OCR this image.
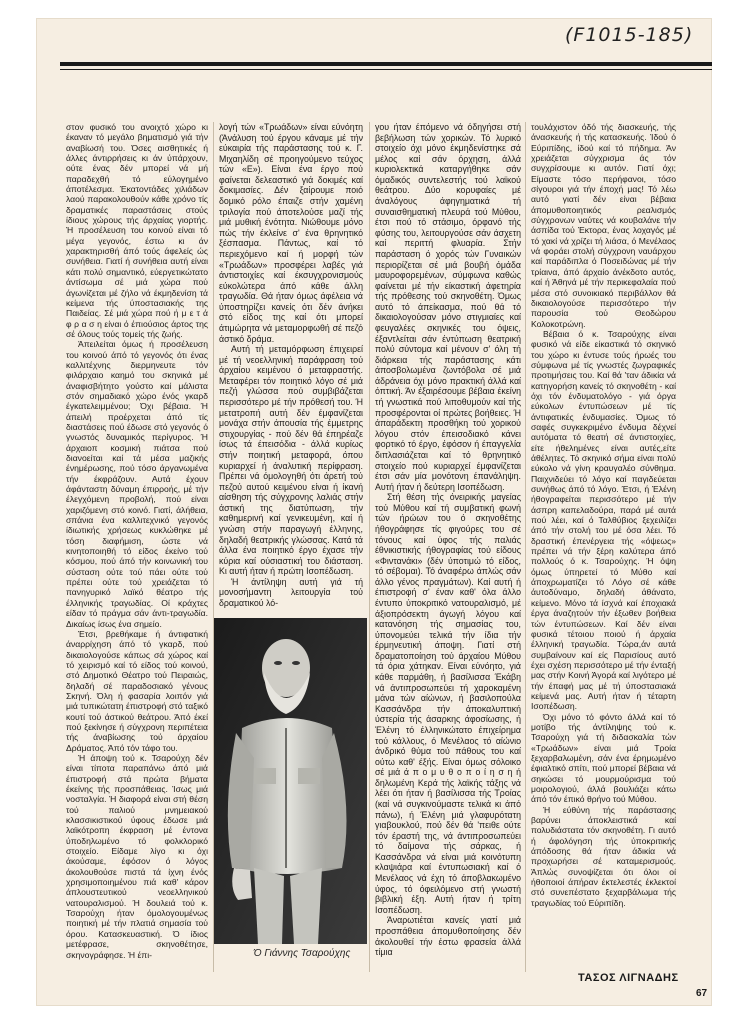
(F1015-185)

στον φυσικό του ανοιχτό χώρο κι έκαναν τό μεγάλο βηματισμό γιά τήν αναβίωσή του. Όσες αισθητικές ή άλλες άντιρρήσεις κι άν ύπάρχουν, ούτε ένας δέν μπορεί νά μή παραδεχθή τό εύλογημένο άποτέλεσμα. Έκατοντάδες χιλιάδων λαού παρακολουθούν κάθε χρόνο τίς δραματικές παραστάσεις στούς ίδιους χώρους τής άρχαίας γιορτής. Ή προσέλευση του κοινού είναι τό μέγα γεγονός, έστω κι άν χαρακτηρισθή άπό τούς άφελείς ώς συνήθεια. Γιατί ή συνήθεια αυτή είναι κάτι πολύ σημαντικό, εύεργετικώτατο άντίσωμα σέ μιά χώρα πού άγωνίζεται μέ ζήλο νά έκμηδενίση τά κείμενα τής ύποστασιακής της Παιδείας. Σέ μιά χώρα πού ή μ ε τ ά φ ρ α σ η είναι ό έπιούσιος άρτος της σέ όλους τούς τομείς τής ζωής.

Άπειλείται όμως ή προσέλευση του κοινού άπό τό γεγονός ότι ένας καλλιτέχνης διερμηνευτε τόν φιλάρχαιο καημό του σκηνικά μέ άναφισβήτητο γούστο καί μάλιστα στόν σημαδιακό χώρο ένός γκαρδ έγκατελειμμένου; Όχι βέβαια. Ή άπειλή προέρχεται άπό τίς διαστάσεις πού έδωσε στό γεγονός ό γνωστός δυναμικός περίγυρος. Ή άρχαιοπ κοσμική πιάτσα πού διανοείται καί τά μέσα μαζικής ένημέρωσης, πού τόσο άργανωμένα τήν έκφράζουν. Αυτά έχουν άφάνταστη δύναμη έπιρροής, μέ τήν έλεγχόμενη προβολή, πού είναι χαριζόμενη στό κοινό. Γιατί, άλήθεια, σπάνια ένα καλλιτεχνικό γεγονός ίδιωτικής χρήσεως κυκλώθηκε μέ τόση διαφήμιση, ώστε νά κινητοποιηθή τό είδος έκείνο τού κόσμου, πού άπό τήν κοινωνική του σύσταση ούτε τού πάει ούτε τού πρέπει ούτε τού χρειάζεται τό πανηγυρικό λαϊκό θέατρο τής έλληνικής τραγωδίας. Οί κράχτες είδαν τό πράγμα σάν άντι-τραγωδία. Δικαίως ίσως ένα σημείο.

Έτσι, βρεθήκαμε ή άντιφατική άναρρίχηση άπό τό γκαρδ, πού δικαιολογούσε κάπως σά χώρος καί τό χειρισμό καί τό είδος τού κοινού, στό Δημοτικό Θέατρο τού Πειραιώς, δηλαδή σέ παραδοσιακό γένους Σκηνή. Όλη ή φασαρία λοιπόν γιά μιά τυπικώτατη έπιστροφή στό ταξικό κουτί τού άστικού θεάτρου. Άπό έκεί πού ξεκίνησε ή σύγχρονη περιπέτεια τής άναβίωσης τού άρχαίου Δράματος. Άπό τόν τάφο του.

Ή άποψη τού κ. Τσαρούχη δέν είναι τίποτα παραπάνω άπό μιά έπιστροφή στά πρώτα βήματα έκείνης τής προσπάθειας. Ίσως μιά νοσταλγία. Ή διαφορά είναι στή θέση τού παλιού μνημειακού κλασσικιστικού ύφους έδωσε μιά λαϊκότροπη έκφραση μέ έντονα ύποδηλωμένο τό φολκλορικό στοιχείο. Είδαμε λίγο κι όχι άκούσαμε, έφόσον ό λόγος άκολουθούσε πιστά τά ίχνη ένός χρησιμοποιημένου πιά καθ' κάρον άπλουστευτικού νεοελληνικού νατουραλισμού. Ή δουλειά τού κ. Τσαρούχη ήταν όμολογουμένως ποιητική μέ τήν πλατιά σημασία τού όρου. Κατασκευαστική. Ό ίδιος μετέφρασε, σκηνοθέτησε, σκηνογράφησε. Ή έπι-

λογή τών «Τρωάδων» είναι εύνόητη (Άνάλυση τού έργου κάναμε μέ τήν εύκαιρία τής παράστασης τού κ. Γ. Μιχαηλίδη σέ προηγούμενο τεύχος τών «Ε»). Είναι ένα έργο πού φαίνεται δελεαστικό γιά δοκιμές καί δοκιμασίες. Δέν ξαίρουμε ποιό δομικό ρόλο έπαιζε στήν χαμένη τριλογία πού άποτελούσε μαζί τής μιά μυθική ένότητα. Νιώθουμε μόνο πώς τήν έκλείνε σ' ένα θρηνητικό ξέσπασμα. Πάντως, καί τό περιεχόμενο καί ή μορφή τών «Τρωάδων» προσφέρει λαβές γιά άντιστοιχίες καί έκσυγχρονισμούς εύκολώτερα άπό κάθε άλλη τραγωδία. Θά ήταν όμως άφέλεια νά ύποστηρίζει κανείς ότι δέν άνήκει στό είδος της καί ότι μπορεί άτιμώρητα νά μεταμορφωθή σέ πεζό άστικό δράμα.

Αυτή τή μεταμόρφωση έπιχειρεί μέ τή νεοελληνική παράφραση τού άρχαίου κειμένου ό μεταφραστής. Μεταφέρει τόν ποιητικό λόγο σέ μιά πεζή γλώσσα πού συμβιβάζεται περισσότερο μέ τήν πρόθεσή του. Ή μετατροπή αυτή δέν έμφανίζεται μονάχα στήν άπουσία τής έμμετρης στιχουργίας - πού δέν θά έπηρέαζε ίσως τά έπεισόδια - άλλά κυρίως στήν ποιητική μεταφορά, όπου κυριαρχεί ή άναλυτική περίφραση. Πρέπει νά όμολογηθή ότι άρετή τού πεζού αυτού κειμένου είναι ή ίκανή αίσθηση τής σύγχρονης λαλιάς στήν άστική της διατύπωση, τήν καθημερινή καί γενικευμένη, καί ή γνώση στήν παραγωγή έλληνης, δηλαδή θεατρικής γλώσσας. Κατά τά άλλα ένα ποιητικό έργο έχασε τήν κύρια καί ούσιαστική του διάσταση. Κι αυτή ήταν ή πρώτη Ισοπέδωση.

Ή άντίληψη αυτή γιά τή μονοσήμαντη λειτουργία τού δραματικού λό-

Ό Γιάννης Τσαρούχης

γου ήταν έπόμενο νά όδηγήσει στή βεβήλωση τών χορικών. Τό λυρικό στοιχείο όχι μόνο έκμηδενίστηκε σά μέλος καί σάν όρχηση, άλλά κυριολεκτικά καταργήθηκε σάν όμαδικός συντελεστής τού λαϊκού θεάτρου. Δύο κορυφαίες μέ άναλόγους άφηγηματικά τή συναισθηματική πλευρά τού Μύθου, έτσι πού τό στάσιμο, όρφανό τής φύσης του, λειτουργούσε σάν άσχετη καί περιττή φλυαρία. Στήν παράσταση ό χορός τών Γυναικών περιορίζεται σέ μιά βουβή όμάδα μαυροφορεμένων, σύμφωνα καθώς φαίνεται μέ τήν είκαστική άφετηρία τής πρόθεσης τού σκηνοθέτη. Όμως αυτό τό άπείκασμα, πού θά τό δικαιολογούσαν μόνο στιγμιαίες καί φευγαλέες σκηνικές του όψεις, έξαντλείται σάν έντύπωση θεατρική πολύ σύντομα καί μένουν σ' όλη τή διάρκεια τής παράστασης κάτι άποσβολωμένα ζωντόβολα σέ μιά άδράνεια όχι μόνο πρακτική άλλά καί όπτική. Άν έξαιρέσουμε βέβαια έκείνη τή γνωστικά πού λιποθυμούν καί τής προσφέρονται οί πρώτες βοήθειες. Ή άπαράδεκτη προσθήκη τού χορικού λόγου στόν έπεισοδιακό κάνει φορτικό τό έργο, έφόσον ή έπαγγελία διπλασιάζεται καί τό θρηνητικό στοιχείο πού κυριαρχεί έμφανίζεται έτσι σάν μία μονότονη έπανάληψη. Αυτή ήταν ή δεύτερη Ισοπέδωση.

Στή θέση τής όνειρικής μαγείας τού Μύθου καί τή συμβατική φωνή τών ήρώων του ό σκηνοθέτης ήθογράφησε τίς φιγούρες του σέ τόνους καί ύφος τής παλιάς έθνικιστικής ήθογραφίας τού είδους «Φιντανάκι» (δέν ύποτιμώ τό είδος, τό σέβομαι). Τό άναφέρω άπλώς σάν άλλο γένος πραγμάτων). Καί αυτή ή έπιστροφή σ' έναν καθ' όλα άλλο έντυπο ύποκριτικό νατουραλισμό, μέ άξιοπρόσεκτη άγωγή λόγου καί κατανόηση τής σημασίας του, ύπονομεύει τελικά τήν ίδια τήν έρμηνευτική άποψη. Γιατί στή δραματοποίηση τού άρχαίου Μύθου τά όρια χάτηκαν. Είναι εύνόητο, γιά κάθε παρμάθη, ή βασίλισσα Έκάβη νά άντιπροσωπεύει τή χαροκαμένη μάνα τών αίώνων, ή βασιλοπούλα Κασσάνδρα τήν άποκαλυπτική ύστερία τής άσαρκης άφοσίωσης, ή Έλένη τό έλληνικώτατο έπιχείρημα τού κάλλους, ό Μενέλαος τό αίώνιο άνδρικό θύμα τού πάθους του καί ούτω καθ' έξής. Είναι όμως σόλοικο σέ μιά ά π ο μ υ θ ο π ο ί η σ η ή δηλωμένη Κερά τής λαϊκής τάξης νά λέει ότι ήταν ή βασίλισσα τής Τροίας (καί νά συγκινούμαστε τελικά κι άπό πάνω), ή Έλένη μιά γλαφυρότατη γιαβουκλού, πού δέν θά 'πειθε ούτε τόν έραστή της, νά άντιπροσωπεύει τό δαίμονα τής σάρκας, ή Κασσάνδρα νά είναι μιά κοινότυπη κλαψιάρα καί έντυπωσιακή καί ό Μενέλαος νά έχη τό άποβλακωμένο ύφος, τό όφειλόμενο στή γνωστή βιβλική έξη. Αυτή ήταν ή τρίτη Ισοπέδωση.

Άναρωτιέται κανείς γιατί μιά προσπάθεια άπομυθοποίησης δέν άκολουθεί τήν έστω φρασεία άλλά τίμια

τουλάχιστον όδό τής διασκευής, τής άνασκευής ή τής κατασκευής. Ίδού ό Εύριπίδης, ίδού καί τό πήδημα. Άν χρειάζεται σύγχρισμα άς τόν συγχρίσουμε κι αυτόν. Γιατί όχι; Είμαστε τόσο περήφανοι, τόσο σίγουροι γιά τήν έποχή μας! Τό λέω αυτό γιατί δέν είναι βέβαια άπομυθοποιητικός ρεαλισμός σύγχρονων ναύτες νά κουβαλάνε τήν άσπίδα τού Έκτορα, ένας λοχαγός μέ τό χακί νά χρίζει τή λιάσα, ό Μενέλαος νά φοράει στολή σύγχρονη ναυάρχου καί παράδιπλα ό Ποσειδώνας μέ τήν τρίαινα, άπό άρχαίο άνέκδοτο αυτός, καί ή Άθηνά μέ τήν περικεφαλαία πού μέσα στό συνοικιακό περιβάλλον θά δικαιολογούσε περισσότερο τήν παρουσία τού Θεοδώρου Κολοκοτρώνη.

Βέβαια ό κ. Τσαρούχης είναι φυσικό νά είδε είκαστικά τό σκηνικό του χώρο κι έντυσε τούς ήρωές του σύμφωνα μέ τίς γνωστές ζωγραφικές προτιμήσεις του. Καί θά 'ταν άδικία νά κατηγορήση κανείς τό σκηνοθέτη - καί όχι τόν ένδυματολόγο - γιά όργα εύκολων έντυπώσεων μέ τίς άντιφατικές ένδυμασίες. Όμως τό σαφές συγκεκριμένο ένδυμα δέχνεί αυτόματα τό θεατή σέ άντιστοιχίες, είτε ήθελημένες είναι αυτές,είτε άθέλητες. Τό σκηνικό σήμα είναι πολύ εύκολο νά γίνη κραυγαλέο σύνθημα. Παιχνιδεύει τό λόγο καί παγιδεύεται συνήθως άπό τό λόγο. Έτσι, ή Έλένη ήθογραφείται περισσότερο μέ τήν άσπρη καπελαδούρα, παρά μέ αυτά πού λέει, καί ό Ταλθύβιος ξεχειλίζει άπό τήν στολή του μέ όσα λέει. Τό δραστική έπενέργεια τής «όψεως» πρέπει νά τήν ξέρη καλύτερα άπό πολλούς ό κ. Τσαρούχης. Ή όψη όμως ύπηρετεί τό Μύθο καί άποχρωματίζει τό Λόγο σέ κάθε άυτοδύναμο, δηλαδή άθάνατο, κείμενο. Μόνο τά ίσχνά καί έποχιακά έργα άναζητούν τήν έξωθεν βοήθεια τών έντυπώσεων. Καί δέν είναι φυσικά τέτοιου ποιού ή άρχαία έλληνική τραγωδία. Τώρα,άν αυτά συμβαίνουν καί είς Παρισίους αυτό έχει σχέση περισσότερο μέ τήν ένταξή μας στήν Κοινή Άγορά καί λιγότερο μέ τήν έπαφή μας μέ τή ύποστασιακά κείμενά μας. Αυτή ήταν ή τέταρτη Ισοπέδωση.

Όχι μόνο τό φόντο άλλά καί τό μοτίβο τής άντίληψης τού κ. Τσαρούχη γιά τή διδασκαλία τών «Τρωάδων» είναι μιά Τροία ξεχαρβαλωμένη, σάν ένα έρημωμένο έφιαλτικό σπίτι, πού μπορεί βέβαια νά σηκώσει τό μουρμούρισμα τού μοιρολογιού, άλλά βουλιάζει κάτω άπό τόν έπικό θρήνο τού Μύθου.

Ή εύθύνη τής παράστασης βαρύνει άποκλειστικά καί πολυδιάστατα τόν σκηνοθέτη. Γι αυτό ή άφολόγηση τής ύποκριτικής άπόδοσης θά ήταν άδικία νά προχωρήσει σέ καταμερισμούς. Άπλώς συνοψίζεται ότι όλοι οί ήθοποιοί άπήραν έκτελεστές έκλεκτοί στό συνεπέστατο ξεχαρβάλωμα τής τραγωδίας τού Εύριπίδη.

ΤΑΣΟΣ ΛΙΓΝΑΔΗΣ
67
